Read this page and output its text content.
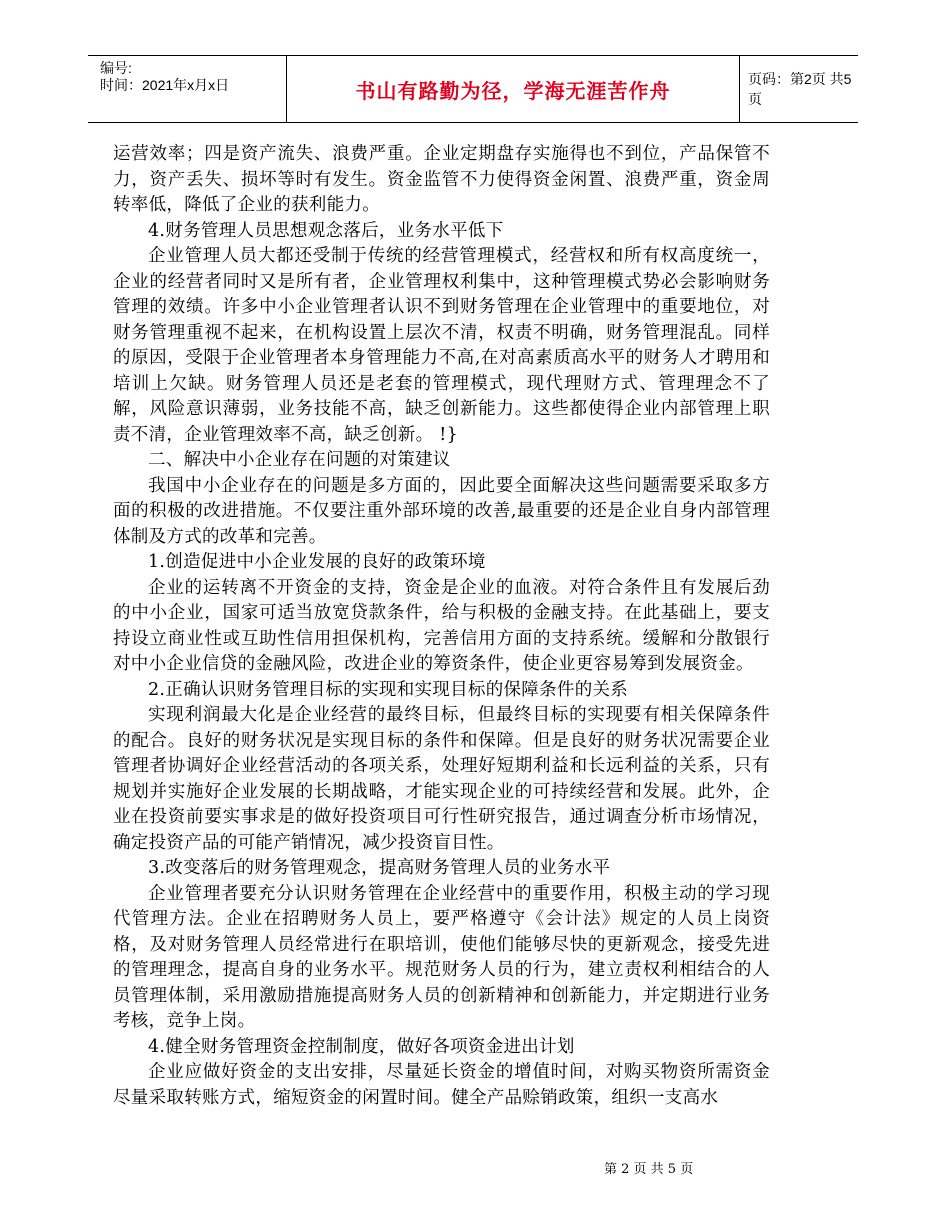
编号:
时间：2021年x月x日	书山有路勤为径，学海无涯苦作舟	页码：第2页 共5页

运营效率；四是资产流失、浪费严重。企业定期盘存实施得也不到位，产品保管不力，资产丢失、损坏等时有发生。资金监管不力使得资金闲置、浪费严重，资金周转率低，降低了企业的获利能力。

4.财务管理人员思想观念落后，业务水平低下

企业管理人员大都还受制于传统的经营管理模式，经营权和所有权高度统一，企业的经营者同时又是所有者，企业管理权利集中，这种管理模式势必会影响财务管理的效绩。许多中小企业管理者认识不到财务管理在企业管理中的重要地位，对财务管理重视不起来，在机构设置上层次不清，权责不明确，财务管理混乱。同样的原因，受限于企业管理者本身管理能力不高,在对高素质高水平的财务人才聘用和培训上欠缺。财务管理人员还是老套的管理模式，现代理财方式、管理理念不了解，风险意识薄弱，业务技能不高，缺乏创新能力。这些都使得企业内部管理上职责不清，企业管理效率不高，缺乏创新。 !}

二、解决中小企业存在问题的对策建议

我国中小企业存在的问题是多方面的，因此要全面解决这些问题需要采取多方面的积极的改进措施。不仅要注重外部环境的改善,最重要的还是企业自身内部管理体制及方式的改革和完善。

1.创造促进中小企业发展的良好的政策环境

企业的运转离不开资金的支持，资金是企业的血液。对符合条件且有发展后劲的中小企业，国家可适当放宽贷款条件，给与积极的金融支持。在此基础上，要支持设立商业性或互助性信用担保机构，完善信用方面的支持系统。缓解和分散银行对中小企业信贷的金融风险，改进企业的筹资条件，使企业更容易筹到发展资金。

2.正确认识财务管理目标的实现和实现目标的保障条件的关系

实现利润最大化是企业经营的最终目标，但最终目标的实现要有相关保障条件的配合。良好的财务状况是实现目标的条件和保障。但是良好的财务状况需要企业管理者协调好企业经营活动的各项关系，处理好短期利益和长远利益的关系，只有规划并实施好企业发展的长期战略，才能实现企业的可持续经营和发展。此外，企业在投资前要实事求是的做好投资项目可行性研究报告，通过调查分析市场情况，确定投资产品的可能产销情况，减少投资盲目性。

3.改变落后的财务管理观念，提高财务管理人员的业务水平

企业管理者要充分认识财务管理在企业经营中的重要作用，积极主动的学习现代管理方法。企业在招聘财务人员上，要严格遵守《会计法》规定的人员上岗资格，及对财务管理人员经常进行在职培训，使他们能够尽快的更新观念，接受先进的管理理念，提高自身的业务水平。规范财务人员的行为，建立责权利相结合的人员管理体制，采用激励措施提高财务人员的创新精神和创新能力，并定期进行业务考核，竞争上岗。

4.健全财务管理资金控制制度，做好各项资金进出计划

企业应做好资金的支出安排，尽量延长资金的增值时间，对购买物资所需资金尽量采取转账方式，缩短资金的闲置时间。健全产品赊销政策，组织一支高水

第 2 页 共 5 页
